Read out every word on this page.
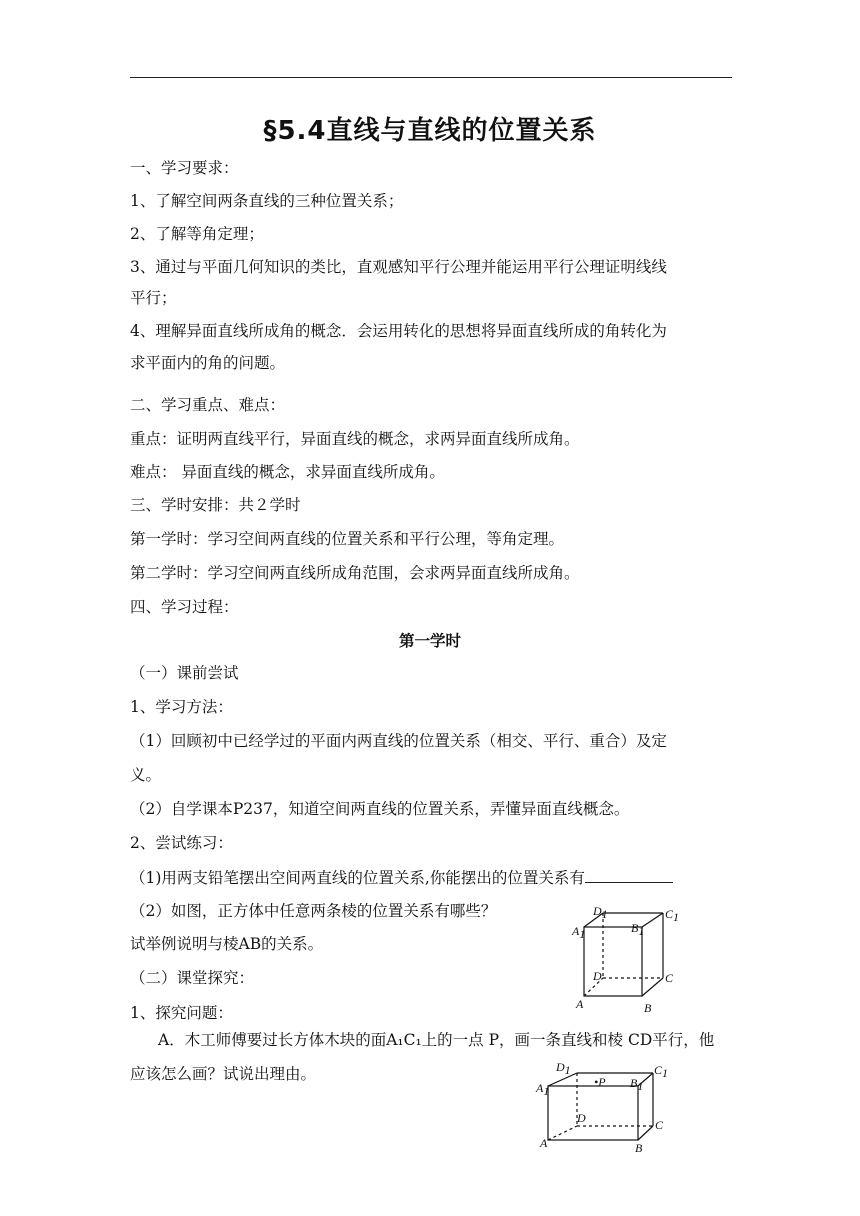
§5.4直线与直线的位置关系
一、学习要求：
1、了解空间两条直线的三种位置关系；
2、了解等角定理；
3、通过与平面几何知识的类比，直观感知平行公理并能运用平行公理证明线线
平行；
4、理解异面直线所成角的概念．会运用转化的思想将异面直线所成的角转化为
求平面内的角的问题。
二、学习重点、难点：
重点：证明两直线平行，异面直线的概念，求两异面直线所成角。
难点： 异面直线的概念，求异面直线所成角。
三、学时安排：共２学时
第一学时：学习空间两直线的位置关系和平行公理，等角定理。
第二学时：学习空间两直线所成角范围，会求两异面直线所成角。
四、学习过程：
第一学时
（一）课前尝试
1、学习方法：
（1）回顾初中已经学过的平面内两直线的位置关系（相交、平行、重合）及定
义。
（2）自学课本P237，知道空间两直线的位置关系，弄懂异面直线概念。
2、尝试练习：
（1)用两支铅笔摆出空间两直线的位置关系,你能摆出的位置关系有
（2）如图，正方体中任意两条棱的位置关系有哪些？
试举例说明与棱AB的关系。
（二）课堂探究：
1、探究问题：
A．木工师傅要过长方体木块的面A₁C₁上的一点 P，画一条直线和棱 CD平行，他
应该怎么画？试说出理由。
D1	C1
A1	B1
D	C
A	B
D1	C1
A1
B1
•P
D	C
A	B
